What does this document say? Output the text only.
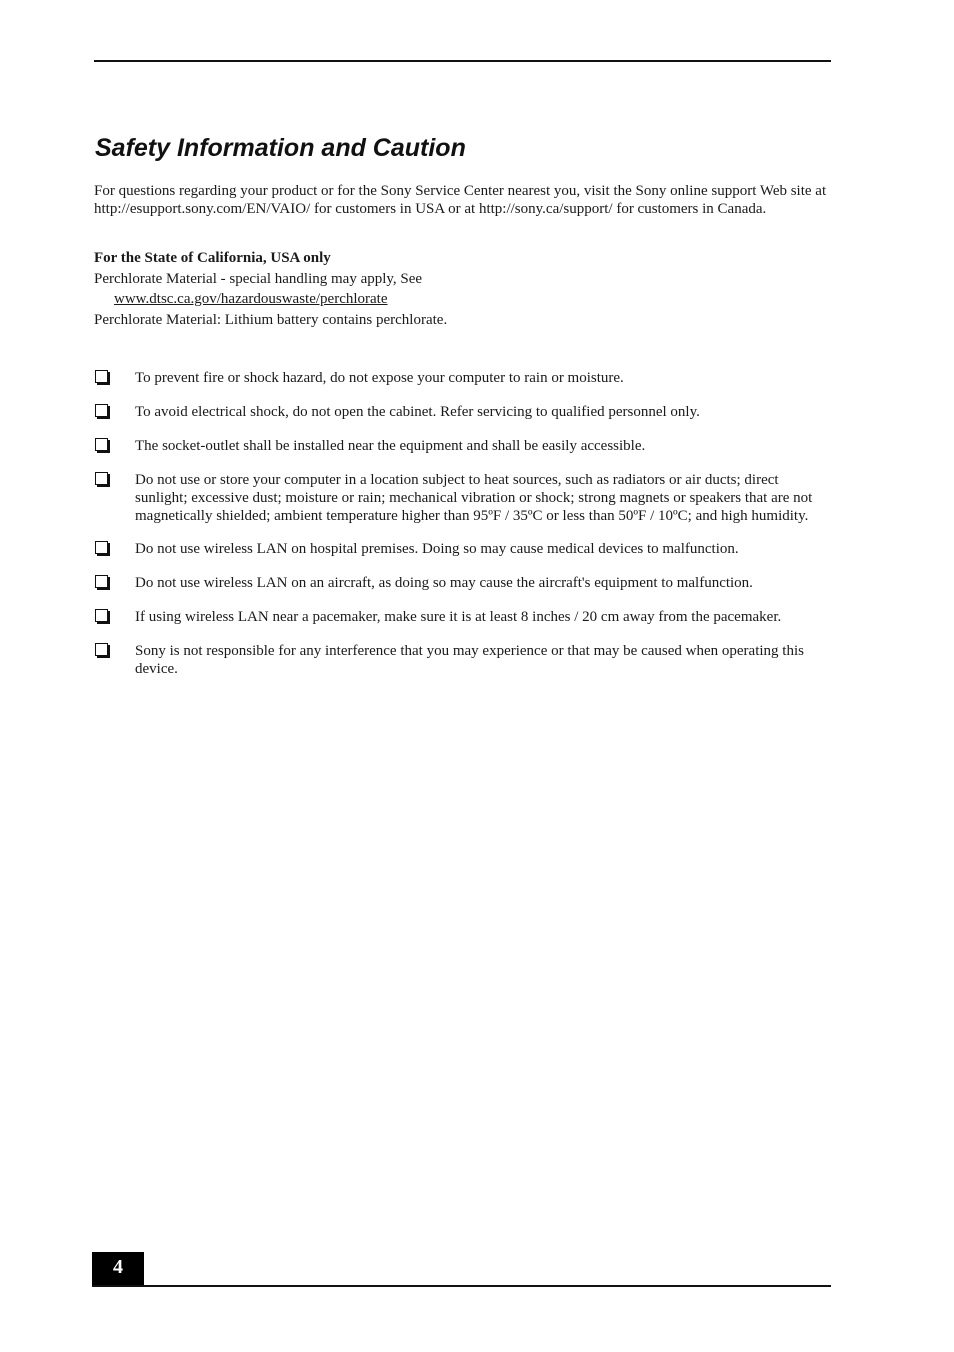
Safety Information and Caution

For questions regarding your product or for the Sony Service Center nearest you, visit the Sony online support Web site at http://esupport.sony.com/EN/VAIO/ for customers in USA or at http://sony.ca/support/ for customers in Canada.

For the State of California, USA only
Perchlorate Material - special handling may apply, See
www.dtsc.ca.gov/hazardouswaste/perchlorate
Perchlorate Material: Lithium battery contains perchlorate.
To prevent fire or shock hazard, do not expose your computer to rain or moisture.
To avoid electrical shock, do not open the cabinet. Refer servicing to qualified personnel only.
The socket-outlet shall be installed near the equipment and shall be easily accessible.
Do not use or store your computer in a location subject to heat sources, such as radiators or air ducts; direct sunlight; excessive dust; moisture or rain; mechanical vibration or shock; strong magnets or speakers that are not magnetically shielded; ambient temperature higher than 95ºF / 35ºC or less than 50ºF / 10ºC; and high humidity.
Do not use wireless LAN on hospital premises. Doing so may cause medical devices to malfunction.
Do not use wireless LAN on an aircraft, as doing so may cause the aircraft's equipment to malfunction.
If using wireless LAN near a pacemaker, make sure it is at least 8 inches / 20 cm away from the pacemaker.
Sony is not responsible for any interference that you may experience or that may be caused when operating this device.
4
